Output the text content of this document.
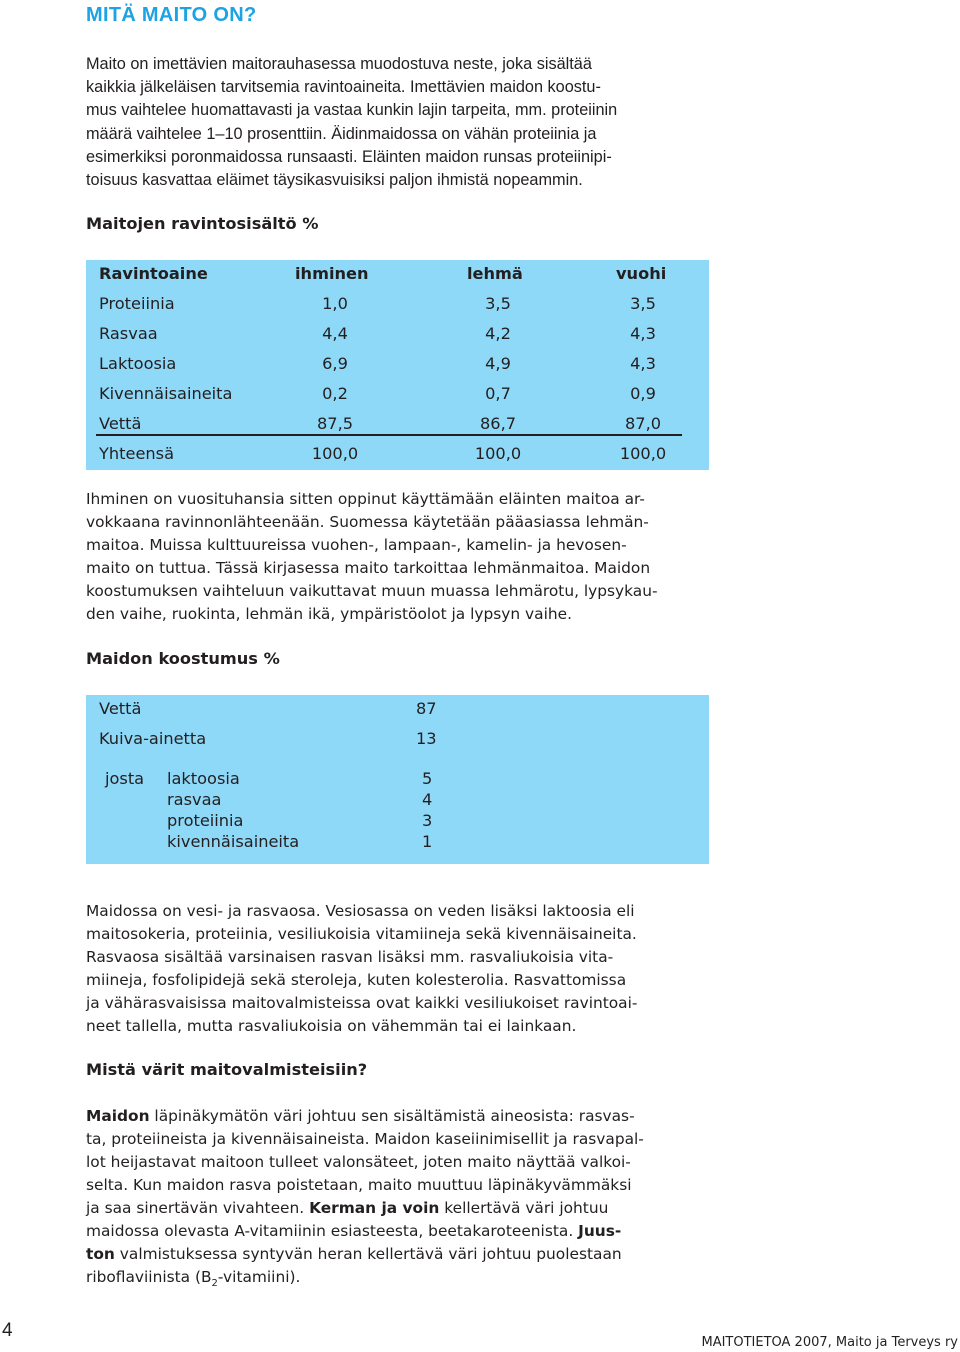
MITÄ MAITO ON?
Maito on imettävien maitorauhasessa muodostuva neste, joka sisältää
kaikkia jälkeläisen tarvitsemia ravintoaineita. Imettävien maidon koostu-
mus vaihtelee huomattavasti ja vastaa kunkin lajin tarpeita, mm. proteiinin
määrä vaihtelee 1–10 prosenttiin. Äidinmaidossa on vähän proteiinia ja
esimerkiksi poronmaidossa runsaasti. Eläinten maidon runsas proteiinipi-
toisuus kasvattaa eläimet täysikasvuisiksi paljon ihmistä nopeammin.
Maitojen ravintosisältö %
Ravintoaine	ihminen	lehmä	vuohi
Proteiinia	1,0	3,5	3,5
Rasvaa	4,4	4,2	4,3
Laktoosia	6,9	4,9	4,3
Kivennäisaineita	0,2	0,7	0,9
Vettä	87,5	86,7	87,0
Yhteensä	100,0	100,0	100,0
Ihminen on vuosituhansia sitten oppinut käyttämään eläinten maitoa ar-
vokkaana ravinnonlähteenään. Suomessa käytetään pääasiassa lehmän-
maitoa. Muissa kulttuureissa vuohen-, lampaan-, kamelin- ja hevosen-
maito on tuttua. Tässä kirjasessa maito tarkoittaa lehmänmaitoa. Maidon
koostumuksen vaihteluun vaikuttavat muun muassa lehmärotu, lypsykau-
den vaihe, ruokinta, lehmän ikä, ympäristöolot ja lypsyn vaihe.
Maidon koostumus %
Vettä	87
Kuiva-ainetta	13
josta laktoosia	5
rasvaa	4
proteiinia	3
kivennäisaineita	1
Maidossa on vesi- ja rasvaosa. Vesiosassa on veden lisäksi laktoosia eli
maitosokeria, proteiinia, vesiliukoisia vitamiineja sekä kivennäisaineita.
Rasvaosa sisältää varsinaisen rasvan lisäksi mm. rasvaliukoisia vita-
miineja, fosfolipidejä sekä steroleja, kuten kolesterolia. Rasvattomissa
ja vähärasvaisissa maitovalmisteissa ovat kaikki vesiliukoiset ravintoai-
neet tallella, mutta rasvaliukoisia on vähemmän tai ei lainkaan.
Mistä värit maitovalmisteisiin?
Maidon läpinäkymätön väri johtuu sen sisältämistä aineosista: rasvas-
ta, proteiineista ja kivennäisaineista. Maidon kaseiinimisellit ja rasvapal-
lot heijastavat maitoon tulleet valonsäteet, joten maito näyttää valkoi-
selta. Kun maidon rasva poistetaan, maito muuttuu läpinäkyvämmäksi
ja saa sinertävän vivahteen. Kerman ja voin kellertävä väri johtuu
maidossa olevasta A-vitamiinin esiasteesta, beetakaroteenista. Juus-
ton valmistuksessa syntyvän heran kellertävä väri johtuu puolestaan
riboflaviinista $(B_2-vitamiini)$.
4
MAITOTIETOA 2007, Maito ja Terveys ry
